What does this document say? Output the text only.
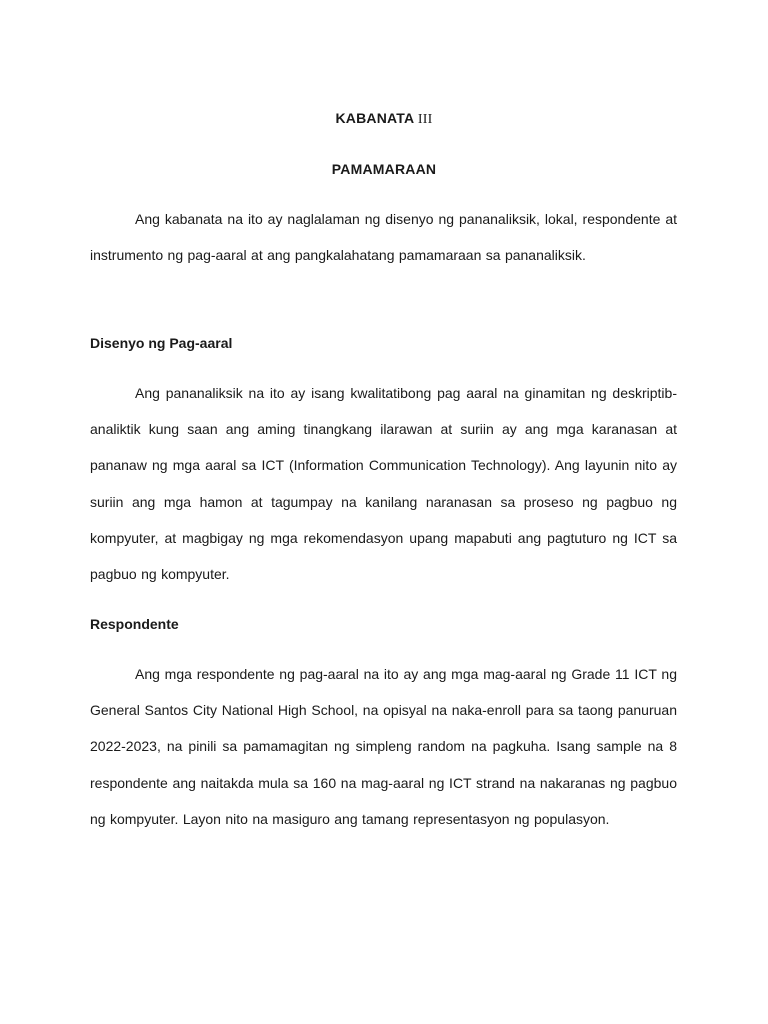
KABANATA III
PAMAMARAAN

Ang kabanata na ito ay naglalaman ng disenyo ng pananaliksik, lokal, respondente at instrumento ng pag-aaral at ang pangkalahatang pamamaraan sa pananaliksik.

Disenyo ng Pag-aaral

Ang pananaliksik na ito ay isang kwalitatibong pag aaral na ginamitan ng deskriptib-analiktik kung saan ang aming tinangkang ilarawan at suriin ay ang mga karanasan at pananaw ng mga aaral sa ICT (Information Communication Technology). Ang layunin nito ay suriin ang mga hamon at tagumpay na kanilang naranasan sa proseso ng pagbuo ng kompyuter, at magbigay ng mga rekomendasyon upang mapabuti ang pagtuturo ng ICT sa pagbuo ng kompyuter.

Respondente

Ang mga respondente ng pag-aaral na ito ay ang mga mag-aaral ng Grade 11 ICT ng General Santos City National High School, na opisyal na naka-enroll para sa taong panuruan 2022-2023, na pinili sa pamamagitan ng simpleng random na pagkuha. Isang sample na 8 respondente ang naitakda mula sa 160 na mag-aaral ng ICT strand na nakaranas ng pagbuo ng kompyuter. Layon nito na masiguro ang tamang representasyon ng populasyon.
